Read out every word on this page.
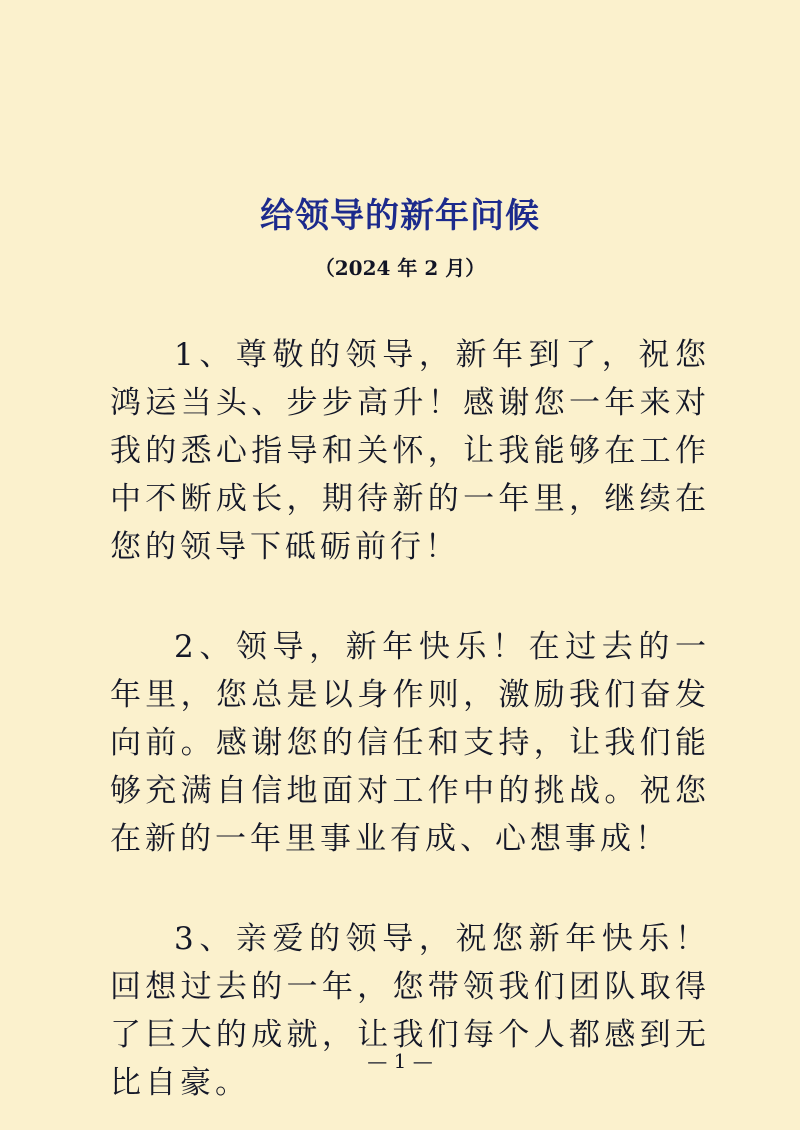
给领导的新年问候
（2024 年 2 月）

1、尊敬的领导，新年到了，祝您鸿运当头、步步高升！感谢您一年来对我的悉心指导和关怀，让我能够在工作中不断成长，期待新的一年里，继续在您的领导下砥砺前行！

2、领导，新年快乐！在过去的一年里，您总是以身作则，激励我们奋发向前。感谢您的信任和支持，让我们能够充满自信地面对工作中的挑战。祝您在新的一年里事业有成、心想事成！

3、亲爱的领导，祝您新年快乐！回想过去的一年，您带领我们团队取得了巨大的成就，让我们每个人都感到无比自豪。

— 1 —
